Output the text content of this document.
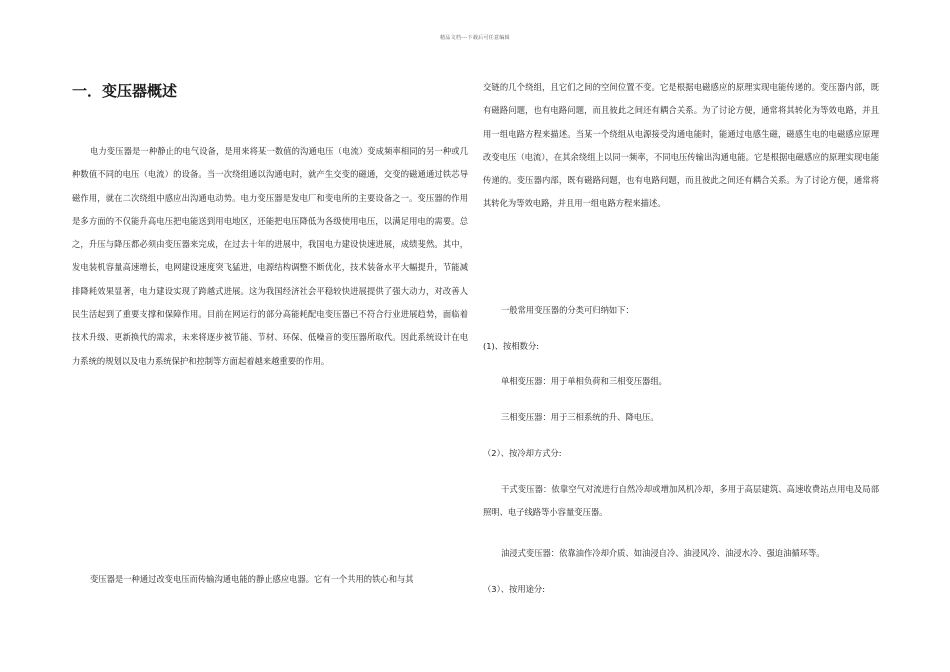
精品文档---下载后可任意编辑
一．变压器概述

电力变压器是一种静止的电气设备，是用来将某一数值的沟通电压（电流）变成频率相同的另一种或几种数值不同的电压（电流）的设备。当一次绕组通以沟通电时，就产生交变的磁通，交变的磁通通过铁芯导磁作用，就在二次绕组中感应出沟通电动势。电力变压器是发电厂和变电所的主要设备之一。变压器的作用是多方面的不仅能升高电压把电能送到用电地区，还能把电压降低为各级使用电压，以满足用电的需要。总之，升压与降压都必须由变压器来完成，在过去十年的进展中，我国电力建设快速进展，成绩斐然。其中，发电装机容量高速增长，电网建设速度突飞猛进，电源结构调整不断优化，技术装备水平大幅提升，节能减排降耗效果显著，电力建设实现了跨越式进展。这为我国经济社会平稳较快进展提供了强大动力，对改善人民生活起到了重要支撑和保障作用。目前在网运行的部分高能耗配电变压器已不符合行业进展趋势，面临着技术升级、更新换代的需求，未来将逐步被节能、节材、环保、低噪音的变压器所取代。因此系统设计在电力系统的规划以及电力系统保护和控制等方面起着越来越重要的作用。

变压器是一种通过改变电压而传输沟通电能的静止感应电器。它有一个共用的铁心和与其

交链的几个绕组，且它们之间的空间位置不变。它是根据电磁感应的原理实现电能传递的。变压器内部，既有磁路问题，也有电路问题，而且彼此之间还有耦合关系。为了讨论方便，通常将其转化为等效电路，并且用一组电路方程来描述。当某一个绕组从电源接受沟通电能时，能通过电感生磁，磁感生电的电磁感应原理改变电压（电流），在其余绕组上以同一频率，不同电压传输出沟通电能。它是根据电磁感应的原理实现电能传递的。变压器内部，既有磁路问题，也有电路问题，而且彼此之间还有耦合关系。为了讨论方便，通常将其转化为等效电路，并且用一组电路方程来描述。

一般常用变压器的分类可归纳如下：

(1)、按相数分:

单相变压器：用于单相负荷和三相变压器组。

三相变压器：用于三相系统的升、降电压。

（2）、按冷却方式分:

干式变压器：依靠空气对流进行自然冷却或增加风机冷却，多用于高层建筑、高速收费站点用电及局部照明、电子线路等小容量变压器。

油浸式变压器：依靠油作冷却介质、如油浸自冷、油浸风冷、油浸水冷、强迫油循环等。

（3）、按用途分:
